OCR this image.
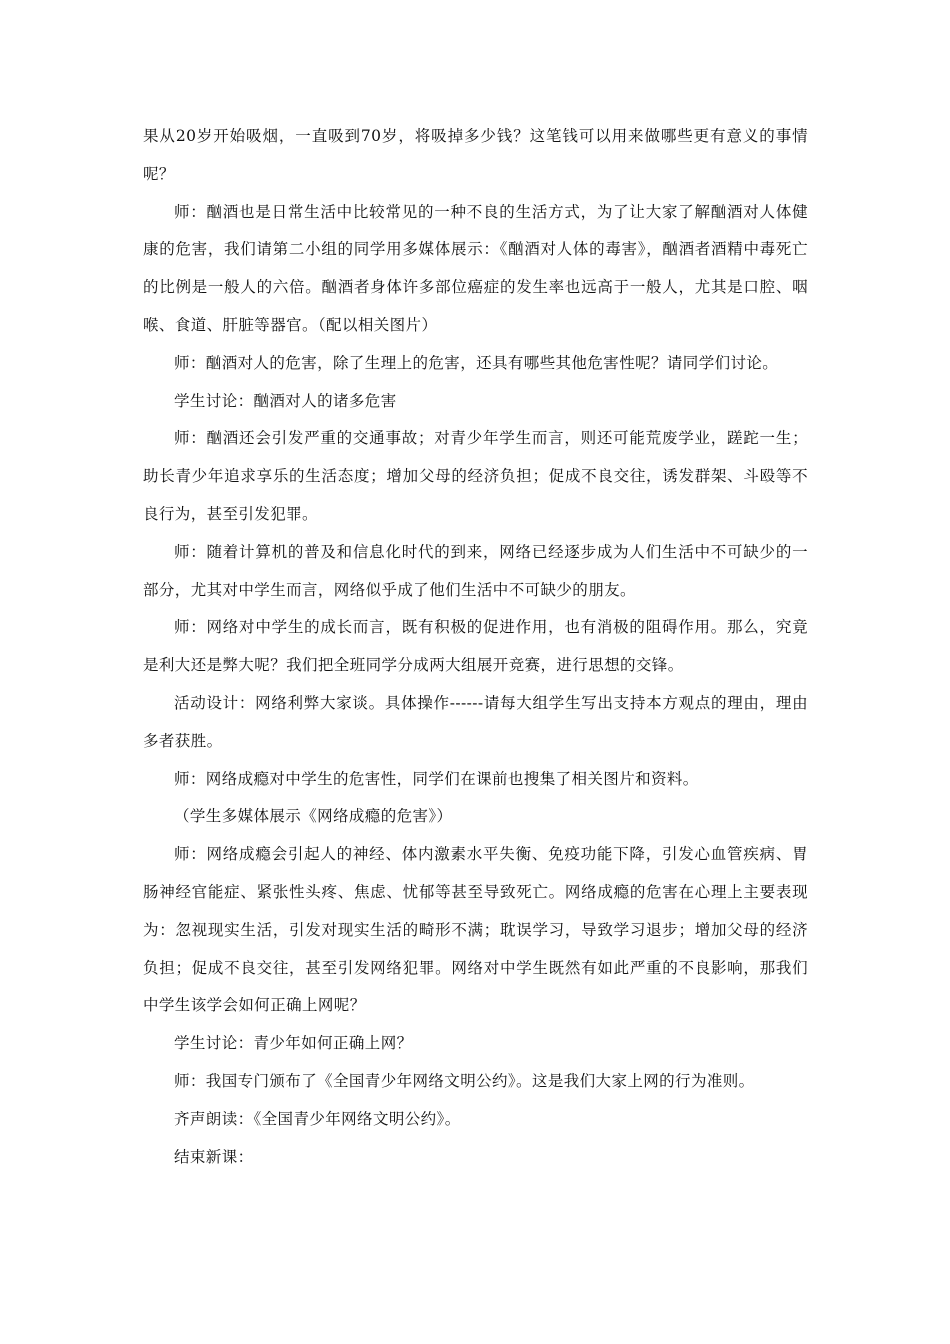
果从20岁开始吸烟，一直吸到70岁，将吸掉多少钱？这笔钱可以用来做哪些更有意义的事情呢？

师：酗酒也是日常生活中比较常见的一种不良的生活方式，为了让大家了解酗酒对人体健康的危害，我们请第二小组的同学用多媒体展示：《酗酒对人体的毒害》，酗酒者酒精中毒死亡的比例是一般人的六倍。酗酒者身体许多部位癌症的发生率也远高于一般人，尤其是口腔、咽喉、食道、肝脏等器官。（配以相关图片）

师：酗酒对人的危害，除了生理上的危害，还具有哪些其他危害性呢？请同学们讨论。

学生讨论：酗酒对人的诸多危害

师：酗酒还会引发严重的交通事故；对青少年学生而言，则还可能荒废学业，蹉跎一生；助长青少年追求享乐的生活态度；增加父母的经济负担；促成不良交往，诱发群架、斗殴等不良行为，甚至引发犯罪。

师：随着计算机的普及和信息化时代的到来，网络已经逐步成为人们生活中不可缺少的一部分，尤其对中学生而言，网络似乎成了他们生活中不可缺少的朋友。

师：网络对中学生的成长而言，既有积极的促进作用，也有消极的阻碍作用。那么，究竟是利大还是弊大呢？我们把全班同学分成两大组展开竞赛，进行思想的交锋。

活动设计：网络利弊大家谈。具体操作------请每大组学生写出支持本方观点的理由，理由多者获胜。

师：网络成瘾对中学生的危害性，同学们在课前也搜集了相关图片和资料。

（学生多媒体展示《网络成瘾的危害》）

师：网络成瘾会引起人的神经、体内激素水平失衡、免疫功能下降，引发心血管疾病、胃肠神经官能症、紧张性头疼、焦虑、忧郁等甚至导致死亡。网络成瘾的危害在心理上主要表现为：忽视现实生活，引发对现实生活的畸形不满；耽误学习，导致学习退步；增加父母的经济负担；促成不良交往，甚至引发网络犯罪。网络对中学生既然有如此严重的不良影响，那我们中学生该学会如何正确上网呢？

学生讨论：青少年如何正确上网？

师：我国专门颁布了《全国青少年网络文明公约》。这是我们大家上网的行为准则。

齐声朗读：《全国青少年网络文明公约》。

结束新课：
